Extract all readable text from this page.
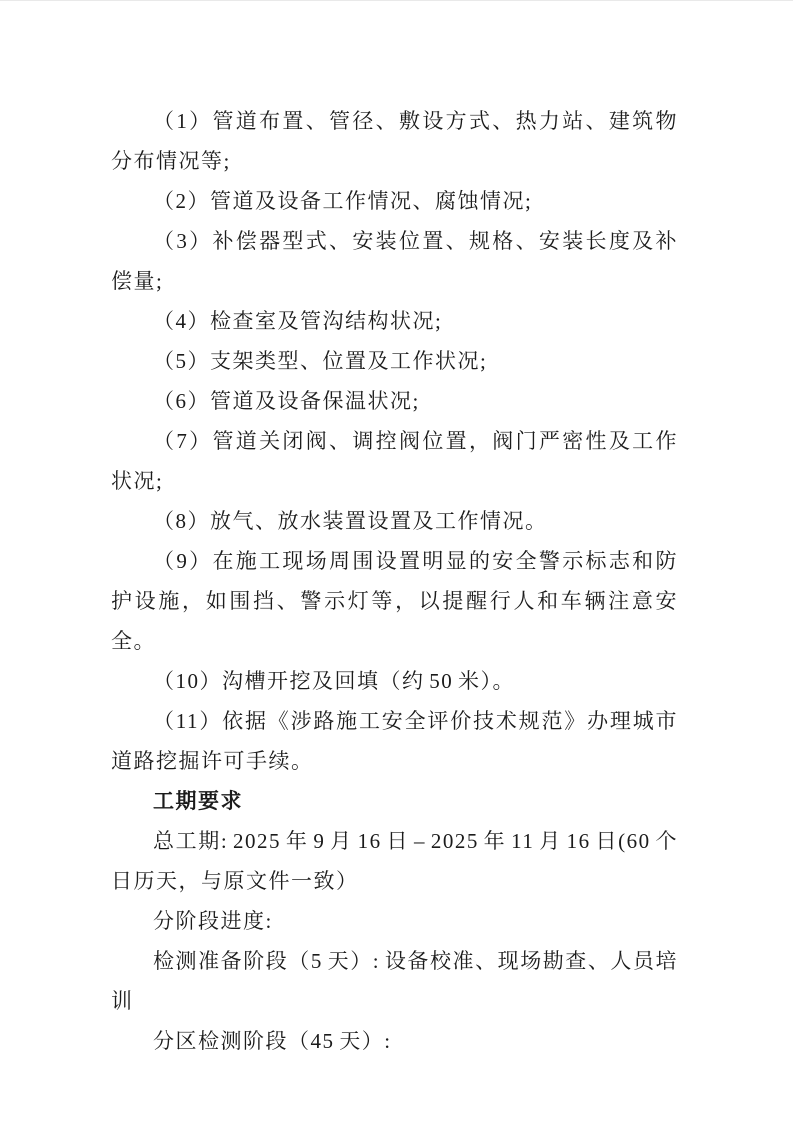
（1）管道布置、管径、敷设方式、热力站、建筑物分布情况等;

（2）管道及设备工作情况、腐蚀情况;

（3）补偿器型式、安装位置、规格、安装长度及补偿量;

（4）检查室及管沟结构状况;

（5）支架类型、位置及工作状况;

（6）管道及设备保温状况;

（7）管道关闭阀、调控阀位置，阀门严密性及工作状况;

（8）放气、放水装置设置及工作情况。

（9）在施工现场周围设置明显的安全警示标志和防护设施，如围挡、警示灯等，以提醒行人和车辆注意安全。

（10）沟槽开挖及回填（约 50 米）。

（11）依据《涉路施工安全评价技术规范》办理城市道路挖掘许可手续。

工期要求

总工期: 2025 年 9 月 16 日 – 2025 年 11 月 16 日(60 个日历天，与原文件一致）

分阶段进度:

检测准备阶段（5 天）: 设备校准、现场勘查、人员培训

分区检测阶段（45 天）:
